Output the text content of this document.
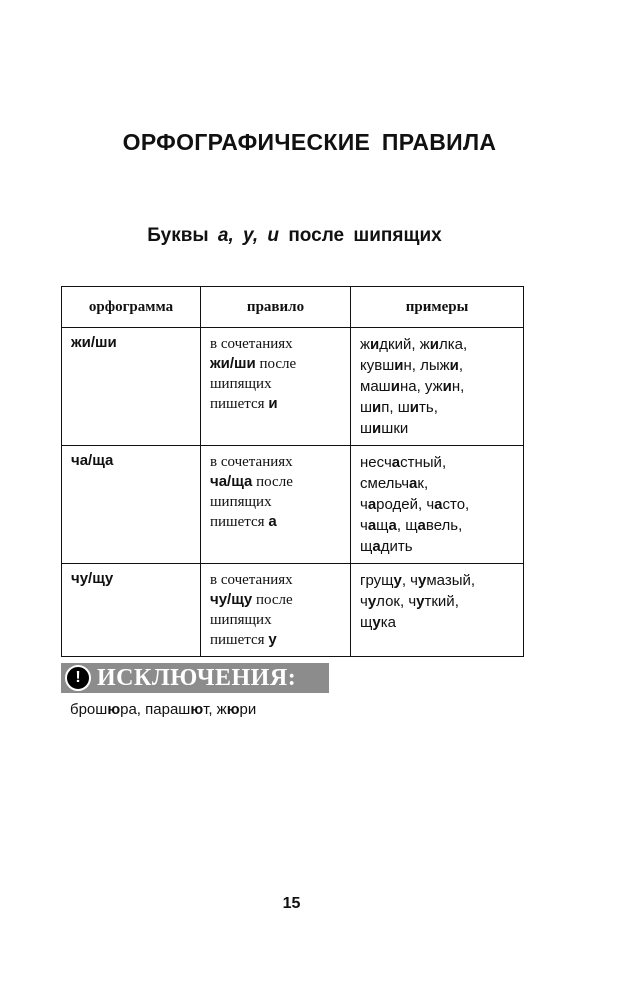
ОРФОГРАФИЧЕСКИЕ ПРАВИЛА
Буквы а, у, и после шипящих
орфограмма	правило	примеры
жи/ши	в сочетаниях
жи/ши после
шипящих
пишется и	жидкий, жилка,
кувшин, лыжи,
машина, ужин,
шип, шить,
шишки
ча/ща	в сочетаниях
ча/ща после
шипящих
пишется а	несчастный,
смельчак,
чародей, часто,
чаща, щавель,
щадить
чу/щу	в сочетаниях
чу/щу после
шипящих
пишется у	грущу, чумазый,
чулок, чуткий,
щука
! ИСКЛЮЧЕНИЯ:
брошюра, парашют, жюри
15
